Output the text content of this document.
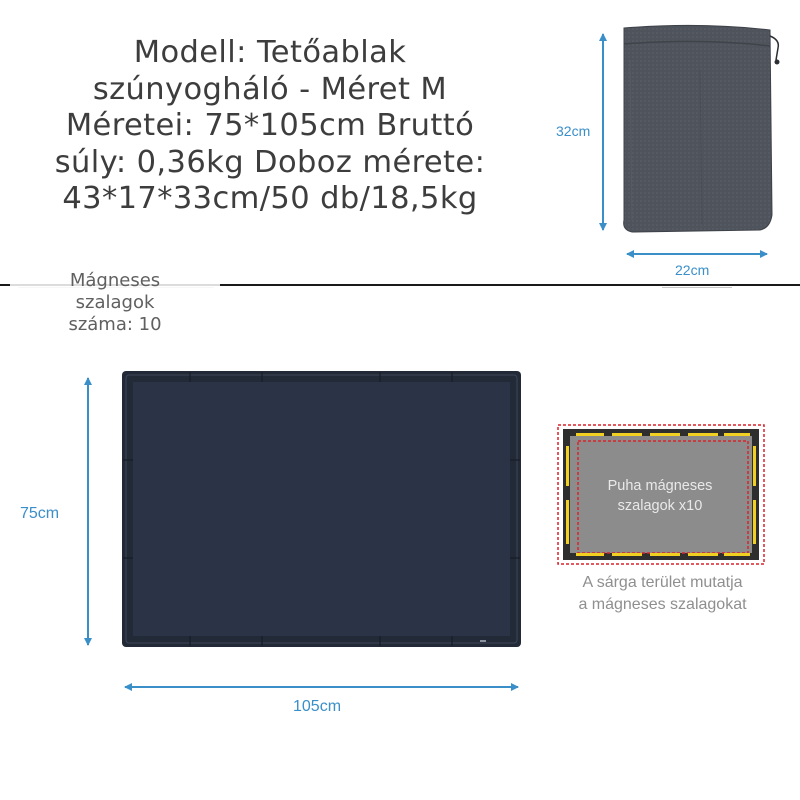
Modell: Tetőablak
szúnyogháló - Méret M
Méretei: 75*105cm Bruttó
súly: 0,36kg Doboz mérete:
43*17*33cm/50 db/18,5kg
Mágneses
szalagok
száma: 10
32cm
22cm
75cm
105cm
Puha mágneses
szalagok x10
A sárga terület mutatja
a mágneses szalagokat
